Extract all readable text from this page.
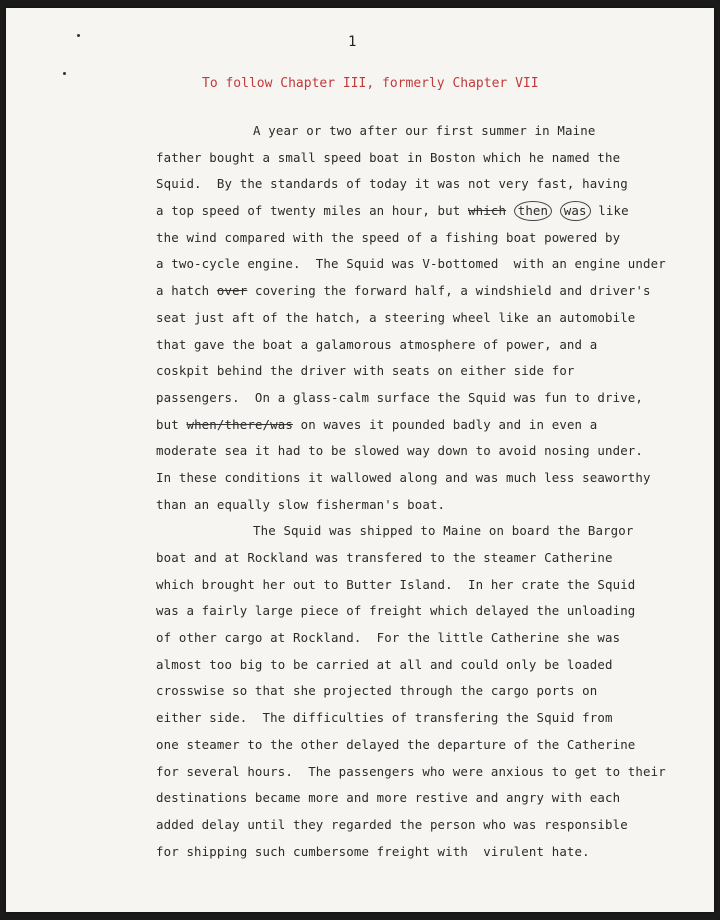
1
To follow Chapter III, formerly Chapter VII
A year or two after our first summer in Maine
father bought a small speed boat in Boston which he named the
Squid.  By the standards of today it was not very fast, having
a top speed of twenty miles an hour, but which then was like
the wind compared with the speed of a fishing boat powered by
a two-cycle engine.  The Squid was V-bottomed  with an engine under
a hatch over covering the forward half, a windshield and driver's
seat just aft of the hatch, a steering wheel like an automobile
that gave the boat a galamorous atmosphere of power, and a
coskpit behind the driver with seats on either side for
passengers.  On a glass-calm surface the Squid was fun to drive,
but when/there/was on waves it pounded badly and in even a
moderate sea it had to be slowed way down to avoid nosing under.
In these conditions it wallowed along and was much less seaworthy
than an equally slow fisherman's boat.
The Squid was shipped to Maine on board the Bargor
boat and at Rockland was transfered to the steamer Catherine
which brought her out to Butter Island.  In her crate the Squid
was a fairly large piece of freight which delayed the unloading
of other cargo at Rockland.  For the little Catherine she was
almost too big to be carried at all and could only be loaded
crosswise so that she projected through the cargo ports on
either side.  The difficulties of transfering the Squid from
one steamer to the other delayed the departure of the Catherine
for several hours.  The passengers who were anxious to get to their
destinations became more and more restive and angry with each
added delay until they regarded the person who was responsible
for shipping such cumbersome freight with  virulent hate.
